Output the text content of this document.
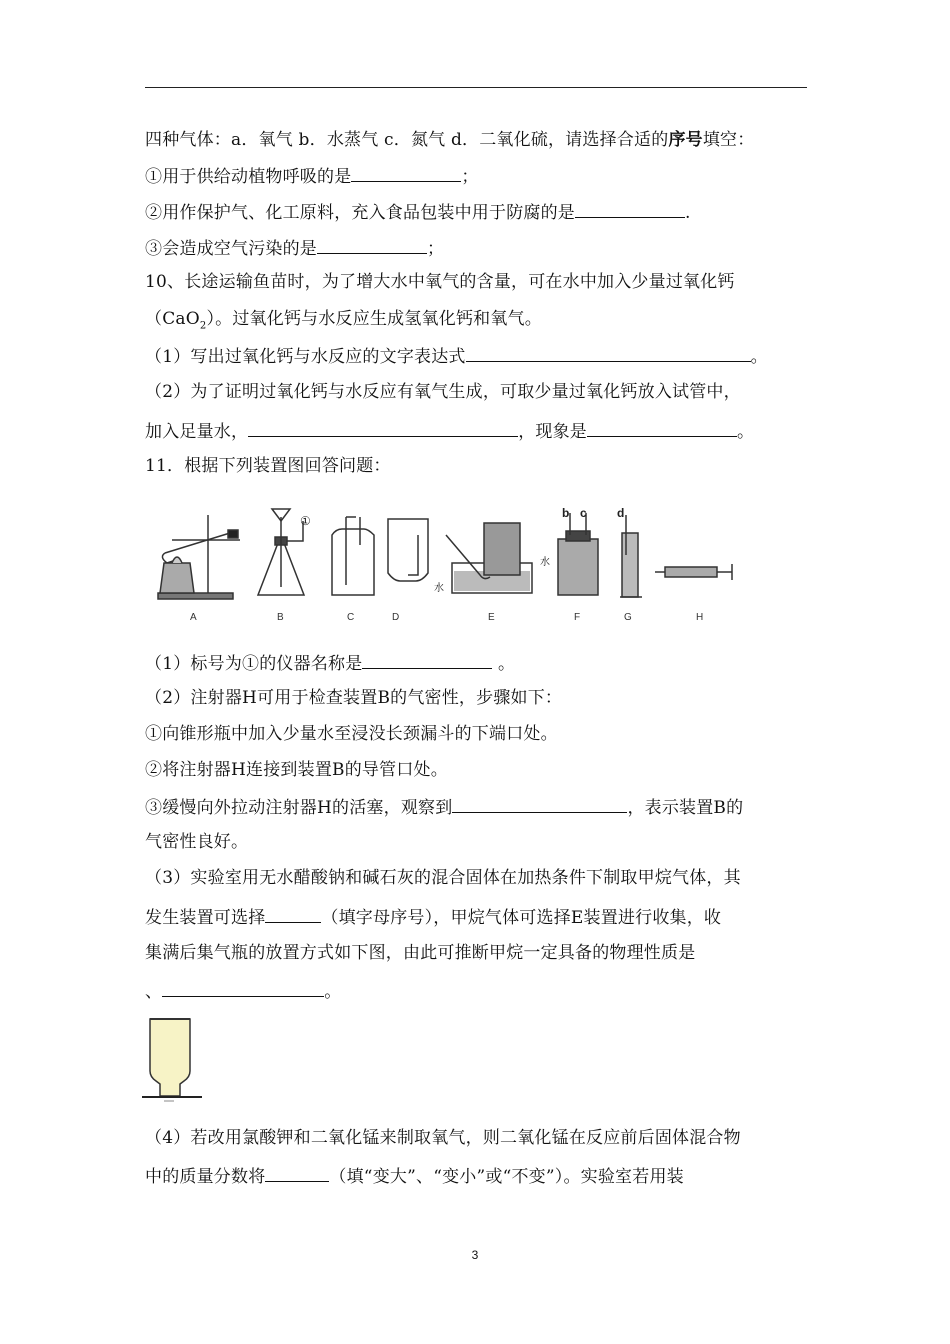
四种气体：a．氧气 b．水蒸气 c．氮气 d．二氧化硫，请选择合适的序号填空：
①用于供给动植物呼吸的是	；
②用作保护气、化工原料，充入食品包装中用于防腐的是	.
③会造成空气污染的是	；
10、长途运输鱼苗时，为了增大水中氧气的含量，可在水中加入少量过氧化钙
（CaO$_2$）。过氧化钙与水反应生成氢氧化钙和氧气。
（1）写出过氧化钙与水反应的文字表达式	。
（2）为了证明过氧化钙与水反应有氧气生成，可取少量过氧化钙放入试管中，
加入足量水，	，现象是	。
11．根据下列装置图回答问题：
①
水
水
b c	d
A	B	C	D	E	F	G	H
（1）标号为①的仪器名称是	。
（2）注射器H可用于检查装置B的气密性，步骤如下：
①向锥形瓶中加入少量水至浸没长颈漏斗的下端口处。
②将注射器H连接到装置B的导管口处。
③缓慢向外拉动注射器H的活塞，观察到	，表示装置B的
气密性良好。
（3）实验室用无水醋酸钠和碱石灰的混合固体在加热条件下制取甲烷气体，其
发生装置可选择	（填字母序号），甲烷气体可选择E装置进行收集，收
集满后集气瓶的放置方式如下图，由此可推断甲烷一定具备的物理性质是
、	。
（4）若改用氯酸钾和二氧化锰来制取氧气，则二氧化锰在反应前后固体混合物
中的质量分数将	（填“变大”、“变小”或“不变”）。实验室若用装
3
